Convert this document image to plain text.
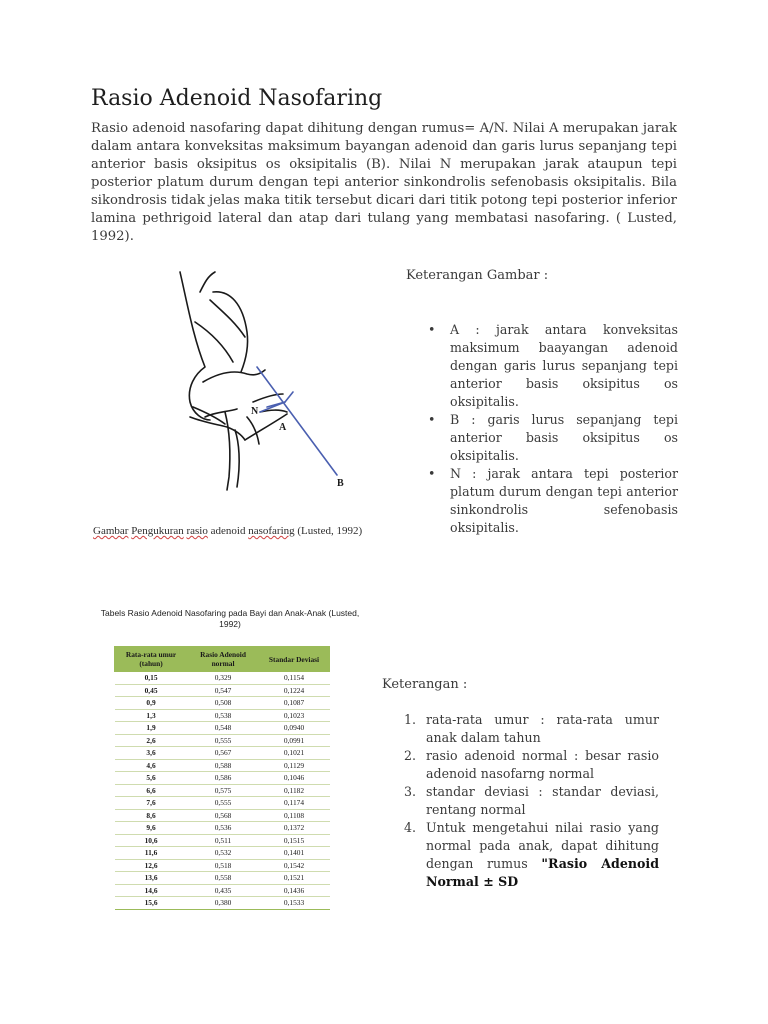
Rasio Adenoid Nasofaring
Rasio adenoid nasofaring dapat dihitung dengan rumus= A/N. Nilai A merupakan jarak dalam antara konveksitas maksimum bayangan adenoid dan garis lurus sepanjang tepi anterior basis oksipitus os oksipitalis (B). Nilai N merupakan jarak ataupun tepi posterior platum durum dengan tepi anterior sinkondrolis sefenobasis oksipitalis. Bila sikondrosis tidak jelas maka titik tersebut dicari dari titik potong tepi posterior inferior lamina pethrigoid lateral dan atap dari tulang yang membatasi nasofaring. ( Lusted, 1992).
N
A
B
Gambar Pengukuran rasio adenoid nasofaring (Lusted, 1992)
Keterangan Gambar :
• A : jarak antara konveksitas maksimum baayangan adenoid dengan garis lurus sepanjang tepi anterior basis oksipitus os oksipitalis.
• B : garis lurus sepanjang tepi anterior basis oksipitus os oksipitalis.
• N : jarak antara tepi posterior platum durum dengan tepi anterior sinkondrolis sefenobasis oksipitalis.
Tabels Rasio Adenoid Nasofaring pada Bayi dan Anak-Anak (Lusted, 1992)
Rata-rata umur (tahun)	Rasio Adenoid normal	Standar Deviasi
0,15	0,329	0,1154
0,45	0,547	0,1224
0,9	0,508	0,1087
1,3	0,538	0,1023
1,9	0,548	0,0940
2,6	0,555	0,0991
3,6	0,567	0,1021
4,6	0,588	0,1129
5,6	0,586	0,1046
6,6	0,575	0,1182
7,6	0,555	0,1174
8,6	0,568	0,1108
9,6	0,536	0,1372
10,6	0,511	0,1515
11,6	0,532	0,1401
12,6	0,518	0,1542
13,6	0,558	0,1521
14,6	0,435	0,1436
15,6	0,380	0,1533
Keterangan :
1. rata-rata umur : rata-rata umur anak dalam tahun
2. rasio adenoid normal : besar rasio adenoid nasofarng normal
3. standar deviasi : standar deviasi, rentang normal
4. Untuk mengetahui nilai rasio yang normal pada anak, dapat dihitung dengan rumus "Rasio Adenoid Normal ± SD
